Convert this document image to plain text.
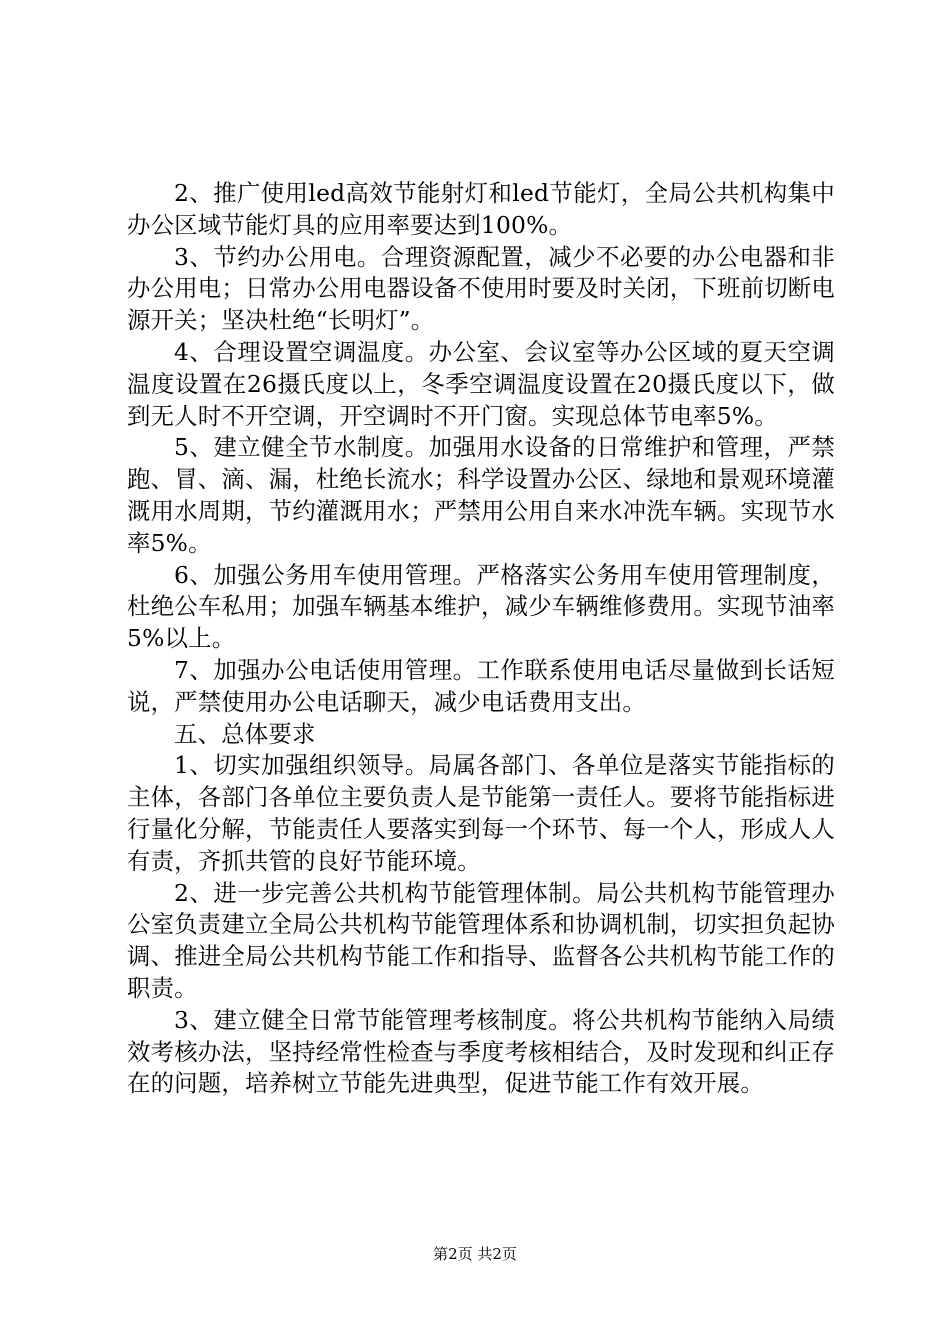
2、推广使用led高效节能射灯和led节能灯，全局公共机构集中办公区域节能灯具的应用率要达到100%。

3、节约办公用电。合理资源配置，减少不必要的办公电器和非办公用电；日常办公用电器设备不使用时要及时关闭，下班前切断电源开关；坚决杜绝“长明灯”。

4、合理设置空调温度。办公室、会议室等办公区域的夏天空调温度设置在26摄氏度以上，冬季空调温度设置在20摄氏度以下，做到无人时不开空调，开空调时不开门窗。实现总体节电率5%。

5、建立健全节水制度。加强用水设备的日常维护和管理，严禁跑、冒、滴、漏，杜绝长流水；科学设置办公区、绿地和景观环境灌溉用水周期，节约灌溉用水；严禁用公用自来水冲洗车辆。实现节水率5%。

6、加强公务用车使用管理。严格落实公务用车使用管理制度，杜绝公车私用；加强车辆基本维护，减少车辆维修费用。实现节油率5%以上。

7、加强办公电话使用管理。工作联系使用电话尽量做到长话短说，严禁使用办公电话聊天，减少电话费用支出。

五、总体要求

1、切实加强组织领导。局属各部门、各单位是落实节能指标的主体，各部门各单位主要负责人是节能第一责任人。要将节能指标进行量化分解，节能责任人要落实到每一个环节、每一个人，形成人人有责，齐抓共管的良好节能环境。

2、进一步完善公共机构节能管理体制。局公共机构节能管理办公室负责建立全局公共机构节能管理体系和协调机制，切实担负起协调、推进全局公共机构节能工作和指导、监督各公共机构节能工作的职责。

3、建立健全日常节能管理考核制度。将公共机构节能纳入局绩效考核办法，坚持经常性检查与季度考核相结合，及时发现和纠正存在的问题，培养树立节能先进典型，促进节能工作有效开展。

第2页 共2页
